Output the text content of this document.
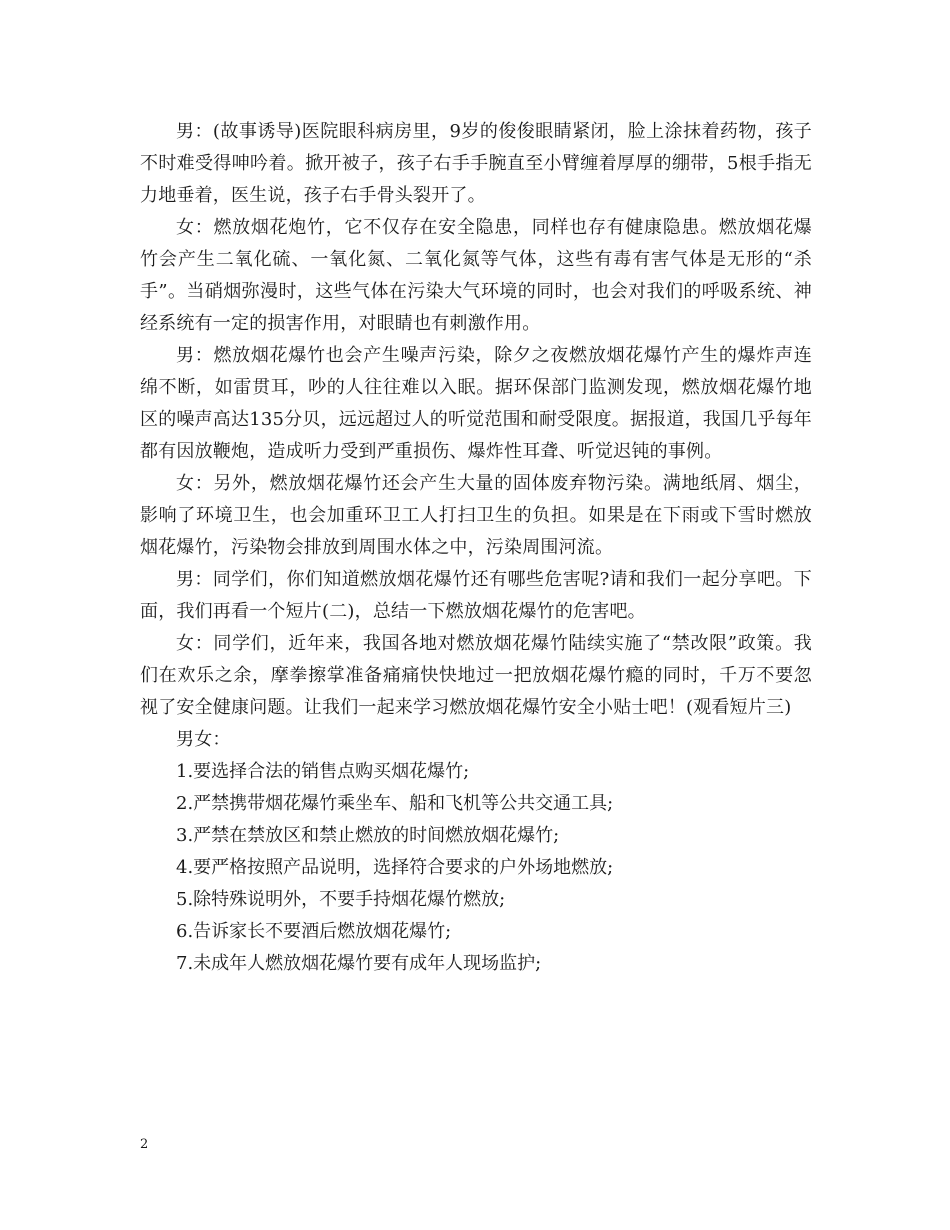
男：(故事诱导)医院眼科病房里，9岁的俊俊眼睛紧闭，脸上涂抹着药物，孩子不时难受得呻吟着。掀开被子，孩子右手手腕直至小臂缠着厚厚的绷带，5根手指无力地垂着，医生说，孩子右手骨头裂开了。

女：燃放烟花炮竹，它不仅存在安全隐患，同样也存有健康隐患。燃放烟花爆竹会产生二氧化硫、一氧化氮、二氧化氮等气体，这些有毒有害气体是无形的“杀手”。当硝烟弥漫时，这些气体在污染大气环境的同时，也会对我们的呼吸系统、神经系统有一定的损害作用，对眼睛也有刺激作用。

男：燃放烟花爆竹也会产生噪声污染，除夕之夜燃放烟花爆竹产生的爆炸声连绵不断，如雷贯耳，吵的人往往难以入眠。据环保部门监测发现，燃放烟花爆竹地区的噪声高达135分贝，远远超过人的听觉范围和耐受限度。据报道，我国几乎每年都有因放鞭炮，造成听力受到严重损伤、爆炸性耳聋、听觉迟钝的事例。

女：另外，燃放烟花爆竹还会产生大量的固体废弃物污染。满地纸屑、烟尘，影响了环境卫生，也会加重环卫工人打扫卫生的负担。如果是在下雨或下雪时燃放烟花爆竹，污染物会排放到周围水体之中，污染周围河流。

男：同学们，你们知道燃放烟花爆竹还有哪些危害呢?请和我们一起分享吧。下面，我们再看一个短片(二)，总结一下燃放烟花爆竹的危害吧。

女：同学们，近年来，我国各地对燃放烟花爆竹陆续实施了“禁改限”政策。我们在欢乐之余，摩拳擦掌准备痛痛快快地过一把放烟花爆竹瘾的同时，千万不要忽视了安全健康问题。让我们一起来学习燃放烟花爆竹安全小贴士吧！(观看短片三)

男女：

1.要选择合法的销售点购买烟花爆竹;

2.严禁携带烟花爆竹乘坐车、船和飞机等公共交通工具;

3.严禁在禁放区和禁止燃放的时间燃放烟花爆竹;

4.要严格按照产品说明，选择符合要求的户外场地燃放;

5.除特殊说明外，不要手持烟花爆竹燃放;

6.告诉家长不要酒后燃放烟花爆竹;

7.未成年人燃放烟花爆竹要有成年人现场监护;

2
